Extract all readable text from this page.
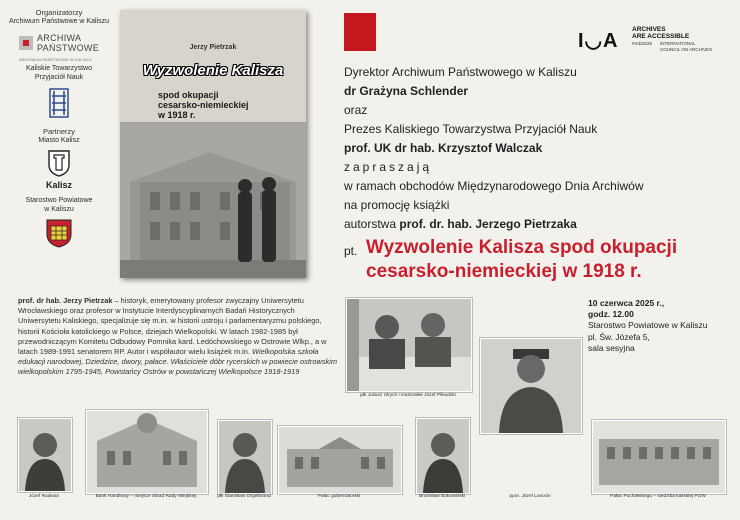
Organizatorzy
Archiwum Państwowe w Kaliszu
ARCHIWA
PAŃSTWOWE
ARCHIWUM PAŃSTWOWE W KALISZU
Kaliskie Towarzystwo
Przyjaciół Nauk
Partnerzy
Miasto Kalisz
Kalisz
Starostwo Powiatowe
w Kaliszu
Jerzy Pietrzak
Wyzwolenie Kalisza
spod okupacji
cesarsko-niemieckiej
w 1918 r.
I◡A
ARCHIVES
ARE ACCESSIBLE
#IAD2025 INTERNATIONAL
COUNCIL ON ARCHIVES
Dyrektor Archiwum Państwowego w Kaliszu
dr Grażyna Schlender
oraz
Prezes Kaliskiego Towarzystwa Przyjaciół Nauk
prof. UK dr hab. Krzysztof Walczak
zapraszają
w ramach obchodów Międzynarodowego Dnia Archiwów
na promocję książki
autorstwa prof. dr. hab. Jerzego Pietrzaka
pt. Wyzwolenie Kalisza spod okupacji
cesarsko-niemieckiej w 1918 r.
prof. dr hab. Jerzy Pietrzak – historyk, emerytowany profesor zwyczajny Uniwersytetu Wrocławskiego oraz profesor w Instytucie Interdyscyplinarnych Badań Historycznych Uniwersytetu Kaliskiego, specjalizuje się m.in. w historii ustroju i parlamentaryzmu polskiego, historii Kościoła katolickiego w Polsce, dziejach Wielkopolski. W latach 1982-1985 był przewodniczącym Komitetu Odbudowy Pomnika kard. Ledóchowskiego w Ostrowie Wlkp., a w latach 1989-1991 senatorem RP. Autor i współautor wielu książek m.in. Wielkopolska szkoła edukacji narodowej, Dziedzice, dwory, pałace. Właściciele dóbr rycerskich w powiecie ostrowskim wielkopolskim 1795-1945, Powstańcy Ostrów w powstańczej Wielkopolsce 1918-1919
płk Juliusz Ulrych i marszałek Józef Piłsudski
Józef Radwan	Bank Handlowy – miejsce obrad Rady Miejskiej	płk Stanisław Orgelbrand	Pałac gubernatorski	Bronisław Bukowiński	ppor. Józef Lasocki	Pałac Puchalskiego – siedziba kaliskiej POW
10 czerwca 2025 r.,
godz. 12.00
Starostwo Powiatowe w Kaliszu
pl. Św. Józefa 5,
sala sesyjna
